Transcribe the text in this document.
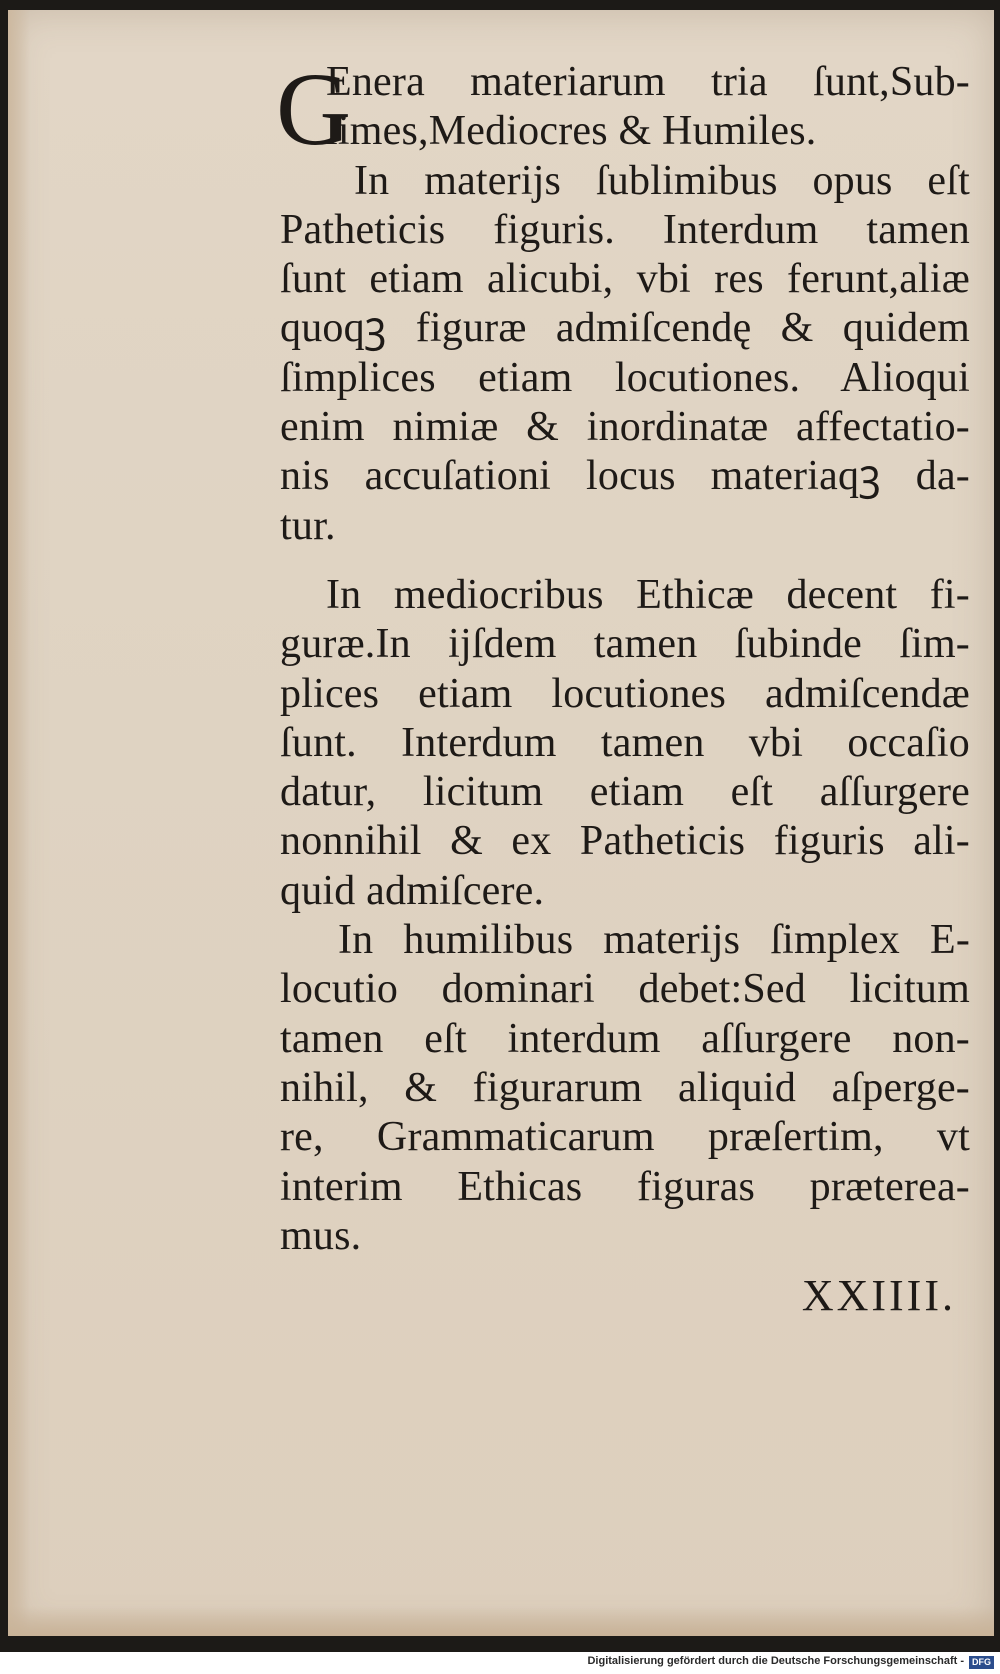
G
Enera materiarum tria ſunt,Sub-
limes,Mediocres & Humiles.
In materijs ſublimibus opus eſt
Patheticis figuris. Interdum tamen
ſunt etiam alicubi, vbi res ferunt,aliæ
quoqꝫ figuræ admiſcendę & quidem
ſimplices etiam locutiones. Alioqui
enim nimiæ & inordinatæ affectatio-
nis accuſationi locus materiaqꝫ da-
tur.
In mediocribus Ethicæ decent fi-
guræ.In ijſdem tamen ſubinde ſim-
plices etiam locutiones admiſcendæ
ſunt. Interdum tamen vbi occaſio
datur, licitum etiam eſt aſſurgere
nonnihil & ex Patheticis figuris ali-
quid admiſcere.
In humilibus materijs ſimplex E-
locutio dominari debet:Sed licitum
tamen eſt interdum aſſurgere non-
nihil, & figurarum aliquid aſperge-
re, Grammaticarum præſertim, vt
interim Ethicas figuras præterea-
mus.
XXIIII.
Digitalisierung gefördert durch die Deutsche Forschungsgemeinschaft - DFG
